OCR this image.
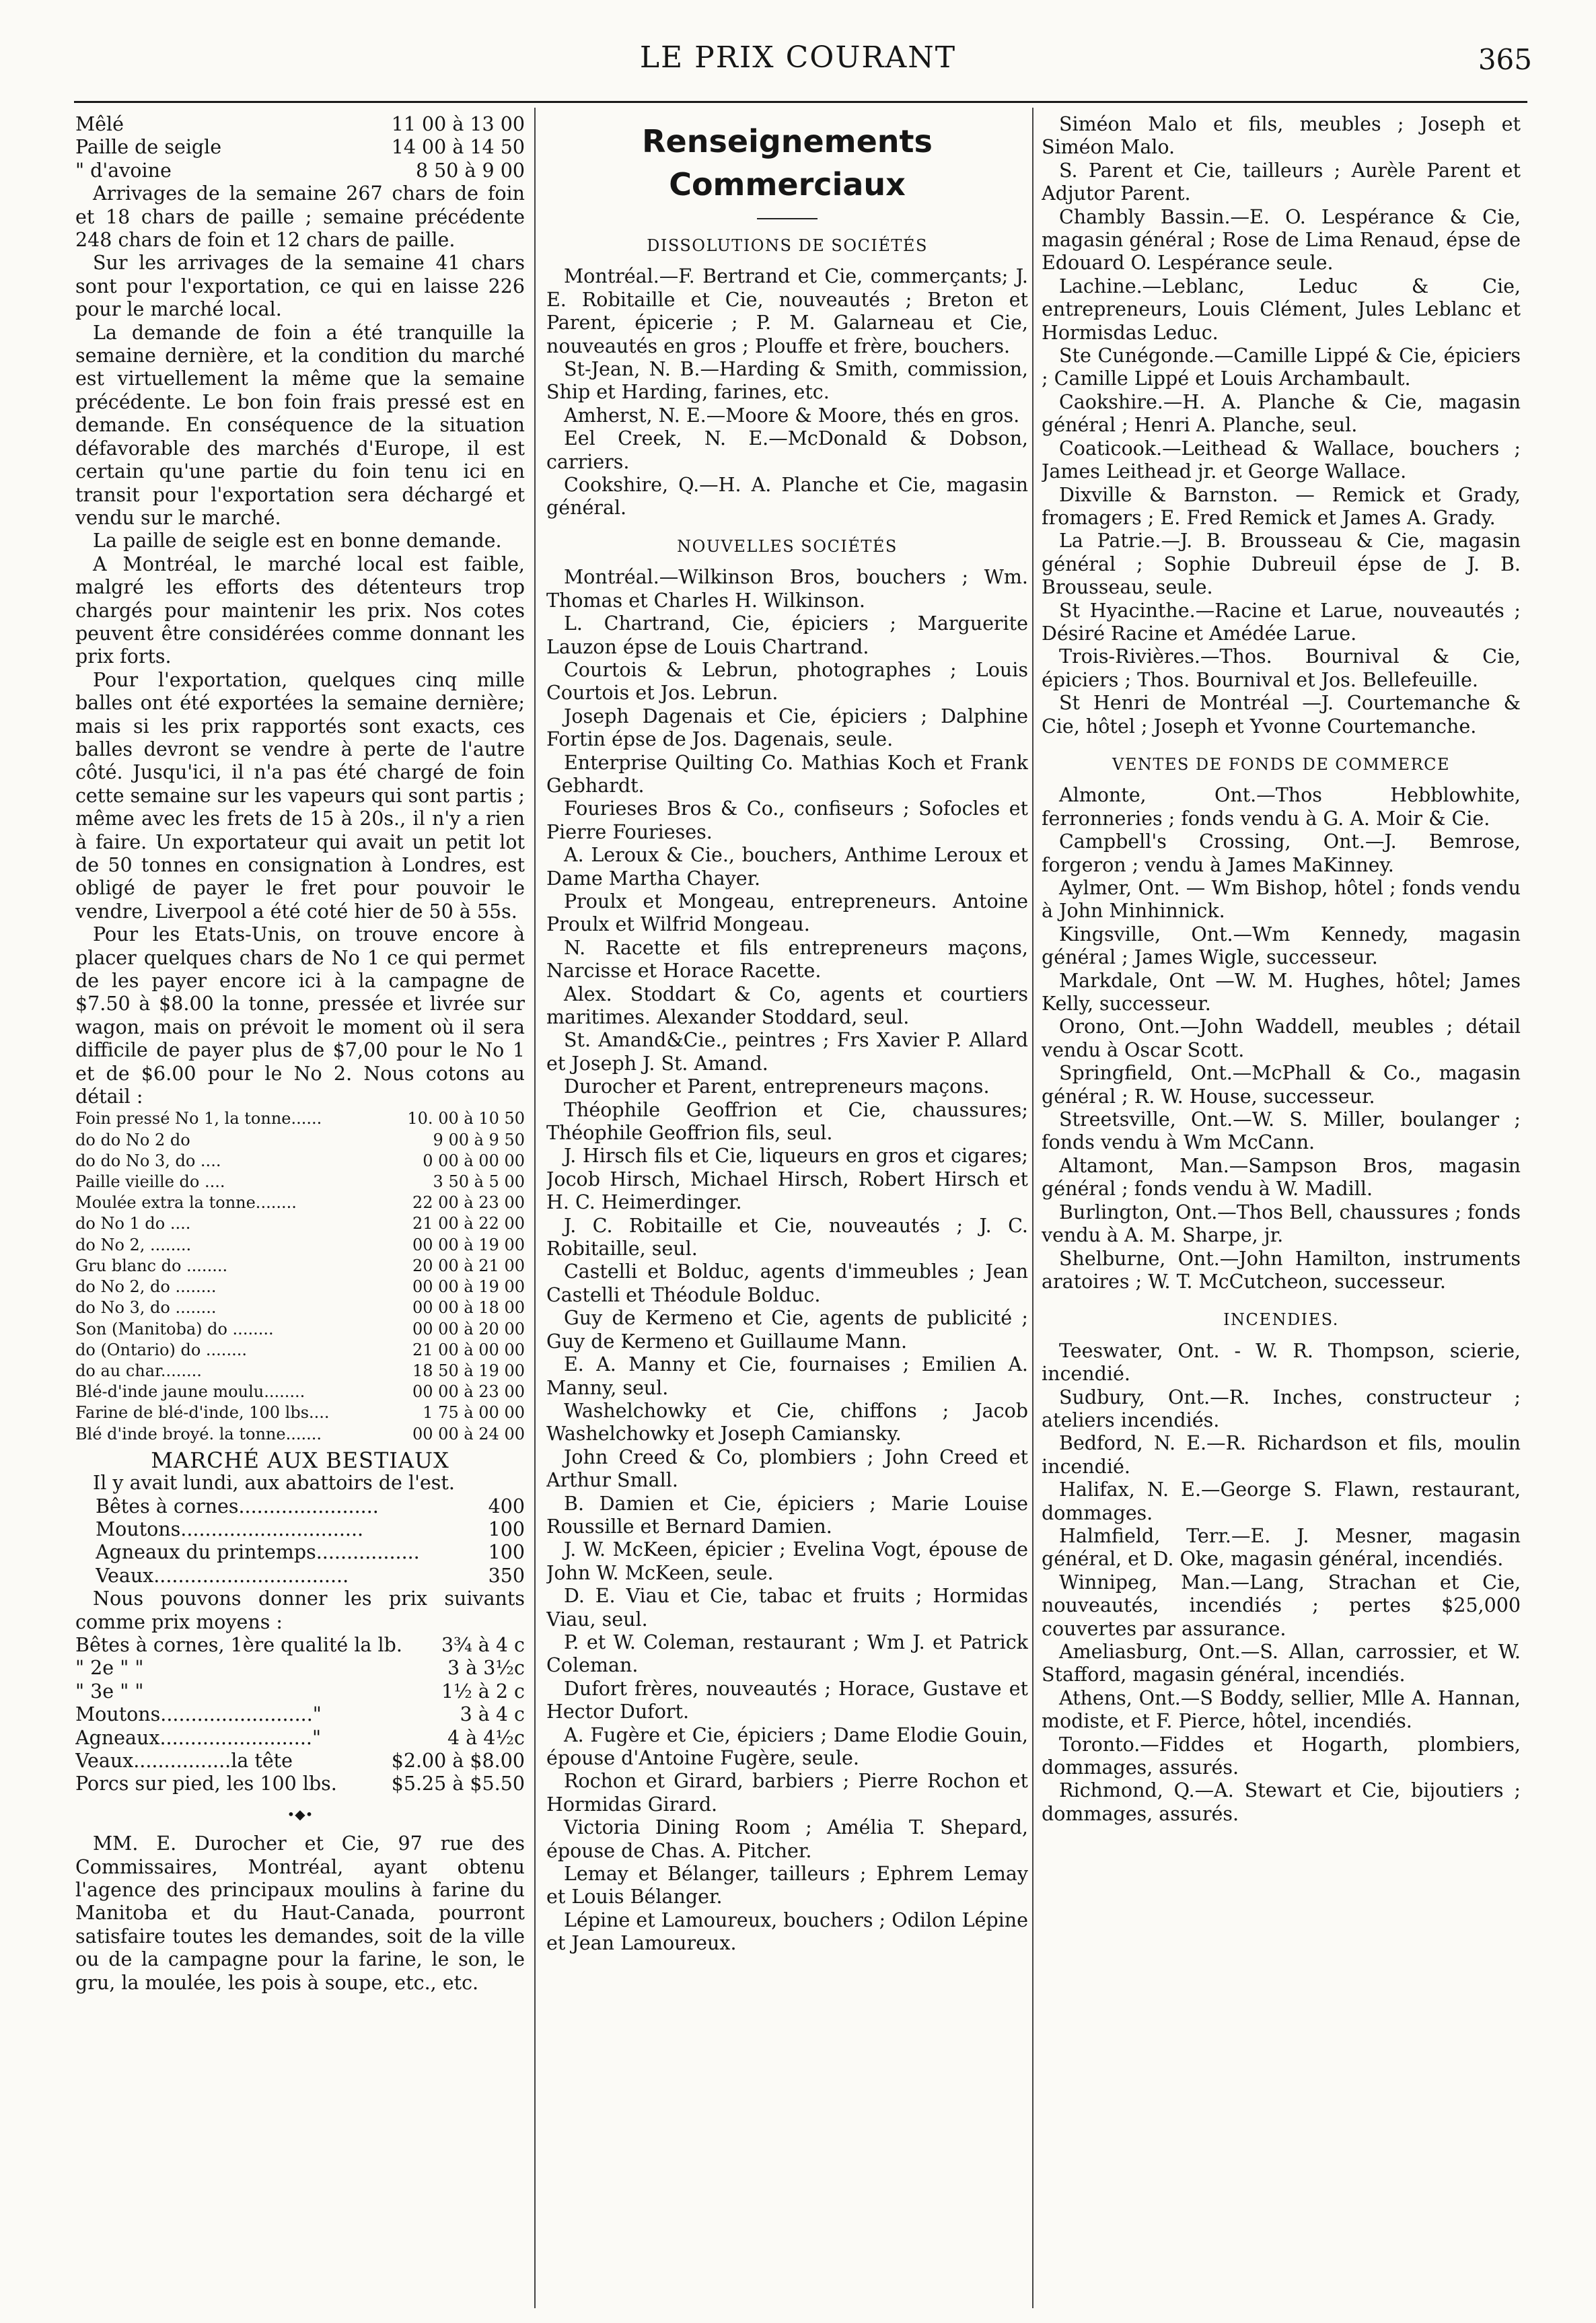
LE PRIX COURANT	365
Mêlé	11 00 à 13 00
Paille de seigle	14 00 à 14 50
" d'avoine	8 50 à 9 00

Arrivages de la semaine 267 chars de foin et 18 chars de paille ; semaine précédente 248 chars de foin et 12 chars de paille.

Sur les arrivages de la semaine 41 chars sont pour l'exportation, ce qui en laisse 226 pour le marché local.

La demande de foin a été tranquille la semaine dernière, et la condition du marché est virtuellement la même que la semaine précédente. Le bon foin frais pressé est en demande. En conséquence de la situation défavorable des marchés d'Europe, il est certain qu'une partie du foin tenu ici en transit pour l'exportation sera déchargé et vendu sur le marché.

La paille de seigle est en bonne demande.

A Montréal, le marché local est faible, malgré les efforts des détenteurs trop chargés pour maintenir les prix. Nos cotes peuvent être considérées comme donnant les prix forts.

Pour l'exportation, quelques cinq mille balles ont été exportées la semaine dernière; mais si les prix rapportés sont exacts, ces balles devront se vendre à perte de l'autre côté. Jusqu'ici, il n'a pas été chargé de foin cette semaine sur les vapeurs qui sont partis ; même avec les frets de 15 à 20s., il n'y a rien à faire. Un exportateur qui avait un petit lot de 50 tonnes en consignation à Londres, est obligé de payer le fret pour pouvoir le vendre, Liverpool a été coté hier de 50 à 55s.

Pour les Etats-Unis, on trouve encore à placer quelques chars de No 1 ce qui permet de les payer encore ici à la campagne de $7.50 à $8.00 la tonne, pressée et livrée sur wagon, mais on prévoit le moment où il sera difficile de payer plus de $7,00 pour le No 1 et de $6.00 pour le No 2. Nous cotons au détail :

Foin pressé No 1, la tonne......	10. 00 à 10 50
do do No 2 do	9 00 à 9 50
do do No 3, do ....	0 00 à 00 00
Paille vieille do ....	3 50 à 5 00
Moulée extra la tonne........	22 00 à 23 00
do No 1 do ....	21 00 à 22 00
do No 2, ........	00 00 à 19 00
Gru blanc do ........	20 00 à 21 00
do No 2, do ........	00 00 à 19 00
do No 3, do ........	00 00 à 18 00
Son (Manitoba) do ........	00 00 à 20 00
do (Ontario) do ........	21 00 à 00 00
do au char........	18 50 à 19 00
Blé-d'inde jaune moulu........	00 00 à 23 00
Farine de blé-d'inde, 100 lbs....	1 75 à 00 00
Blé d'inde broyé. la tonne.......	00 00 à 24 00
MARCHÉ AUX BESTIAUX

Il y avait lundi, aux abattoirs de l'est.

Bêtes à cornes.......................	400
Moutons..............................	100
Agneaux du printemps.................	100
Veaux................................	350

Nous pouvons donner les prix suivants comme prix moyens :

Bêtes à cornes, 1ère qualité la lb. 3¾ à 4 c
" 2e " "	3 à 3½c
" 3e " "	1½ à 2 c
Moutons........................."	3 à 4 c
Agneaux........................."	4 à 4½c
Veaux................la tête	$2.00 à $8.00
Porcs sur pied, les 100 lbs.	$5.25 à $5.50
•◆•

MM. E. Durocher et Cie, 97 rue des Commissaires, Montréal, ayant obtenu l'agence des principaux moulins à farine du Manitoba et du Haut-Canada, pourront satisfaire toutes les demandes, soit de la ville ou de la campagne pour la farine, le son, le gru, la moulée, les pois à soupe, etc., etc.

Renseignements Commerciaux
DISSOLUTIONS DE SOCIÉTÉS

Montréal.—F. Bertrand et Cie, commerçants; J. E. Robitaille et Cie, nouveautés ; Breton et Parent, épicerie ; P. M. Galarneau et Cie, nouveautés en gros ; Plouffe et frère, bouchers.

St-Jean, N. B.—Harding & Smith, commission, Ship et Harding, farines, etc.

Amherst, N. E.—Moore & Moore, thés en gros.

Eel Creek, N. E.—McDonald & Dobson, carriers.

Cookshire, Q.—H. A. Planche et Cie, magasin général.

NOUVELLES SOCIÉTÉS

Montréal.—Wilkinson Bros, bouchers ; Wm. Thomas et Charles H. Wilkinson.

L. Chartrand, Cie, épiciers ; Marguerite Lauzon épse de Louis Chartrand.

Courtois & Lebrun, photographes ; Louis Courtois et Jos. Lebrun.

Joseph Dagenais et Cie, épiciers ; Dalphine Fortin épse de Jos. Dagenais, seule.

Enterprise Quilting Co. Mathias Koch et Frank Gebhardt.

Fourieses Bros & Co., confiseurs ; Sofocles et Pierre Fourieses.

A. Leroux & Cie., bouchers, Anthime Leroux et Dame Martha Chayer.

Proulx et Mongeau, entrepreneurs. Antoine Proulx et Wilfrid Mongeau.

N. Racette et fils entrepreneurs maçons, Narcisse et Horace Racette.

Alex. Stoddart & Co, agents et courtiers maritimes. Alexander Stoddard, seul.

St. Amand&Cie., peintres ; Frs Xavier P. Allard et Joseph J. St. Amand.

Durocher et Parent, entrepreneurs maçons.

Théophile Geoffrion et Cie, chaussures; Théophile Geoffrion fils, seul.

J. Hirsch fils et Cie, liqueurs en gros et cigares; Jocob Hirsch, Michael Hirsch, Robert Hirsch et H. C. Heimerdinger.

J. C. Robitaille et Cie, nouveautés ; J. C. Robitaille, seul.

Castelli et Bolduc, agents d'immeubles ; Jean Castelli et Théodule Bolduc.

Guy de Kermeno et Cie, agents de publicité ; Guy de Kermeno et Guillaume Mann.

E. A. Manny et Cie, fournaises ; Emilien A. Manny, seul.

Washelchowky et Cie, chiffons ; Jacob Washelchowky et Joseph Camiansky.

John Creed & Co, plombiers ; John Creed et Arthur Small.

B. Damien et Cie, épiciers ; Marie Louise Roussille et Bernard Damien.

J. W. McKeen, épicier ; Evelina Vogt, épouse de John W. McKeen, seule.

D. E. Viau et Cie, tabac et fruits ; Hormidas Viau, seul.

P. et W. Coleman, restaurant ; Wm J. et Patrick Coleman.

Dufort frères, nouveautés ; Horace, Gustave et Hector Dufort.

A. Fugère et Cie, épiciers ; Dame Elodie Gouin, épouse d'Antoine Fugère, seule.

Rochon et Girard, barbiers ; Pierre Rochon et Hormidas Girard.

Victoria Dining Room ; Amélia T. Shepard, épouse de Chas. A. Pitcher.

Lemay et Bélanger, tailleurs ; Ephrem Lemay et Louis Bélanger.

Lépine et Lamoureux, bouchers ; Odilon Lépine et Jean Lamoureux.

Siméon Malo et fils, meubles ; Joseph et Siméon Malo.

S. Parent et Cie, tailleurs ; Aurèle Parent et Adjutor Parent.

Chambly Bassin.—E. O. Lespérance & Cie, magasin général ; Rose de Lima Renaud, épse de Edouard O. Lespérance seule.

Lachine.—Leblanc, Leduc & Cie, entrepreneurs, Louis Clément, Jules Leblanc et Hormisdas Leduc.

Ste Cunégonde.—Camille Lippé & Cie, épiciers ; Camille Lippé et Louis Archambault.

Caokshire.—H. A. Planche & Cie, magasin général ; Henri A. Planche, seul.

Coaticook.—Leithead & Wallace, bouchers ; James Leithead jr. et George Wallace.

Dixville & Barnston. — Remick et Grady, fromagers ; E. Fred Remick et James A. Grady.

La Patrie.—J. B. Brousseau & Cie, magasin général ; Sophie Dubreuil épse de J. B. Brousseau, seule.

St Hyacinthe.—Racine et Larue, nouveautés ; Désiré Racine et Amédée Larue.

Trois-Rivières.—Thos. Bournival & Cie, épiciers ; Thos. Bournival et Jos. Bellefeuille.

St Henri de Montréal —J. Courtemanche & Cie, hôtel ; Joseph et Yvonne Courtemanche.

VENTES DE FONDS DE COMMERCE

Almonte, Ont.—Thos Hebblowhite, ferronneries ; fonds vendu à G. A. Moir & Cie.

Campbell's Crossing, Ont.—J. Bemrose, forgeron ; vendu à James MaKinney.

Aylmer, Ont. — Wm Bishop, hôtel ; fonds vendu à John Minhinnick.

Kingsville, Ont.—Wm Kennedy, magasin général ; James Wigle, successeur.

Markdale, Ont —W. M. Hughes, hôtel; James Kelly, successeur.

Orono, Ont.—John Waddell, meubles ; détail vendu à Oscar Scott.

Springfield, Ont.—McPhall & Co., magasin général ; R. W. House, successeur.

Streetsville, Ont.—W. S. Miller, boulanger ; fonds vendu à Wm McCann.

Altamont, Man.—Sampson Bros, magasin général ; fonds vendu à W. Madill.

Burlington, Ont.—Thos Bell, chaussures ; fonds vendu à A. M. Sharpe, jr.

Shelburne, Ont.—John Hamilton, instruments aratoires ; W. T. McCutcheon, successeur.

INCENDIES.

Teeswater, Ont. - W. R. Thompson, scierie, incendié.

Sudbury, Ont.—R. Inches, constructeur ; ateliers incendiés.

Bedford, N. E.—R. Richardson et fils, moulin incendié.

Halifax, N. E.—George S. Flawn, restaurant, dommages.

Halmfield, Terr.—E. J. Mesner, magasin général, et D. Oke, magasin général, incendiés.

Winnipeg, Man.—Lang, Strachan et Cie, nouveautés, incendiés ; pertes $25,000 couvertes par assurance.

Ameliasburg, Ont.—S. Allan, carrossier, et W. Stafford, magasin général, incendiés.

Athens, Ont.—S Boddy, sellier, Mlle A. Hannan, modiste, et F. Pierce, hôtel, incendiés.

Toronto.—Fiddes et Hogarth, plombiers, dommages, assurés.

Richmond, Q.—A. Stewart et Cie, bijoutiers ; dommages, assurés.
